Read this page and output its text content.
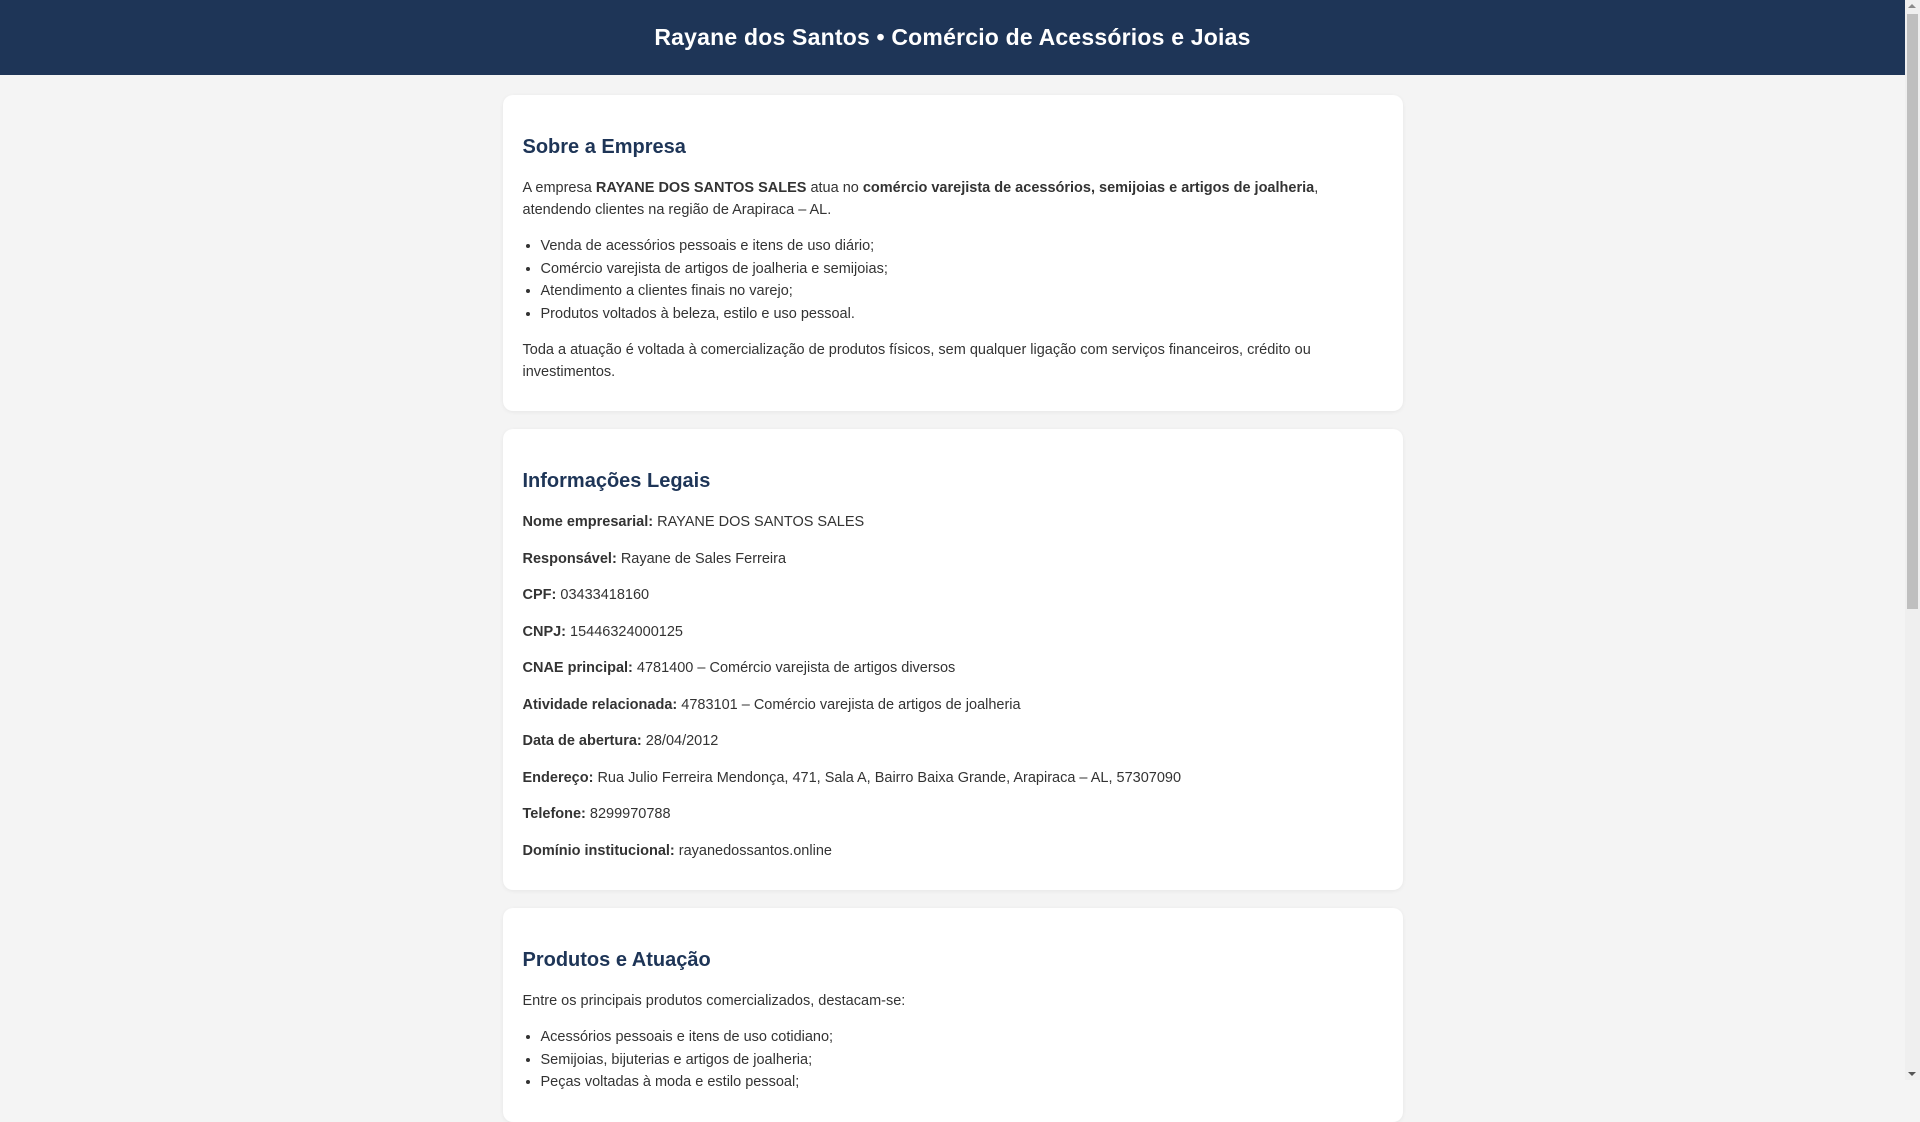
Rayane dos Santos • Comércio de Acessórios e Joias
Sobre a Empresa

A empresa RAYANE DOS SANTOS SALES atua no comércio varejista de acessórios, semijoias e artigos de joalheria, atendendo clientes na região de Arapiraca – AL.

• Venda de acessórios pessoais e itens de uso diário;
• Comércio varejista de artigos de joalheria e semijoias;
• Atendimento a clientes finais no varejo;
• Produtos voltados à beleza, estilo e uso pessoal.

Toda a atuação é voltada à comercialização de produtos físicos, sem qualquer ligação com serviços financeiros, crédito ou investimentos.

Informações Legais

Nome empresarial: RAYANE DOS SANTOS SALES

Responsável: Rayane de Sales Ferreira

CPF: 03433418160

CNPJ: 15446324000125

CNAE principal: 4781400 – Comércio varejista de artigos diversos

Atividade relacionada: 4783101 – Comércio varejista de artigos de joalheria

Data de abertura: 28/04/2012

Endereço: Rua Julio Ferreira Mendonça, 471, Sala A, Bairro Baixa Grande, Arapiraca – AL, 57307090

Telefone: 8299970788

Domínio institucional: rayanedossantos.online

Produtos e Atuação

Entre os principais produtos comercializados, destacam-se:

• Acessórios pessoais e itens de uso cotidiano;
• Semijoias, bijuterias e artigos de joalheria;
• Peças voltadas à moda e estilo pessoal;
